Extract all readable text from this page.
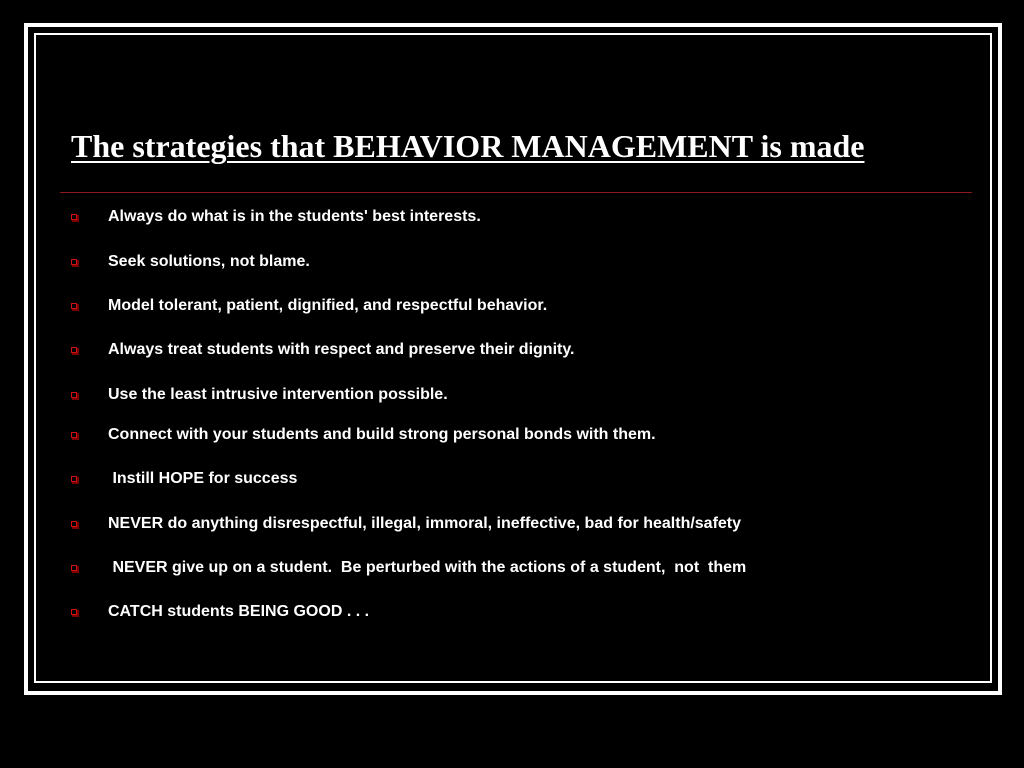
The strategies that BEHAVIOR MANAGEMENT is made
Always do what is in the students' best interests.
Seek solutions, not blame.
Model tolerant, patient, dignified, and respectful behavior.
Always treat students with respect and preserve their dignity.
Use the least intrusive intervention possible.
Connect with your students and build strong personal bonds with them.
Instill HOPE for success
NEVER do anything disrespectful, illegal, immoral, ineffective, bad for health/safety
NEVER give up on a student.  Be perturbed with the actions of a student,  not  them
CATCH students BEING GOOD . . .
